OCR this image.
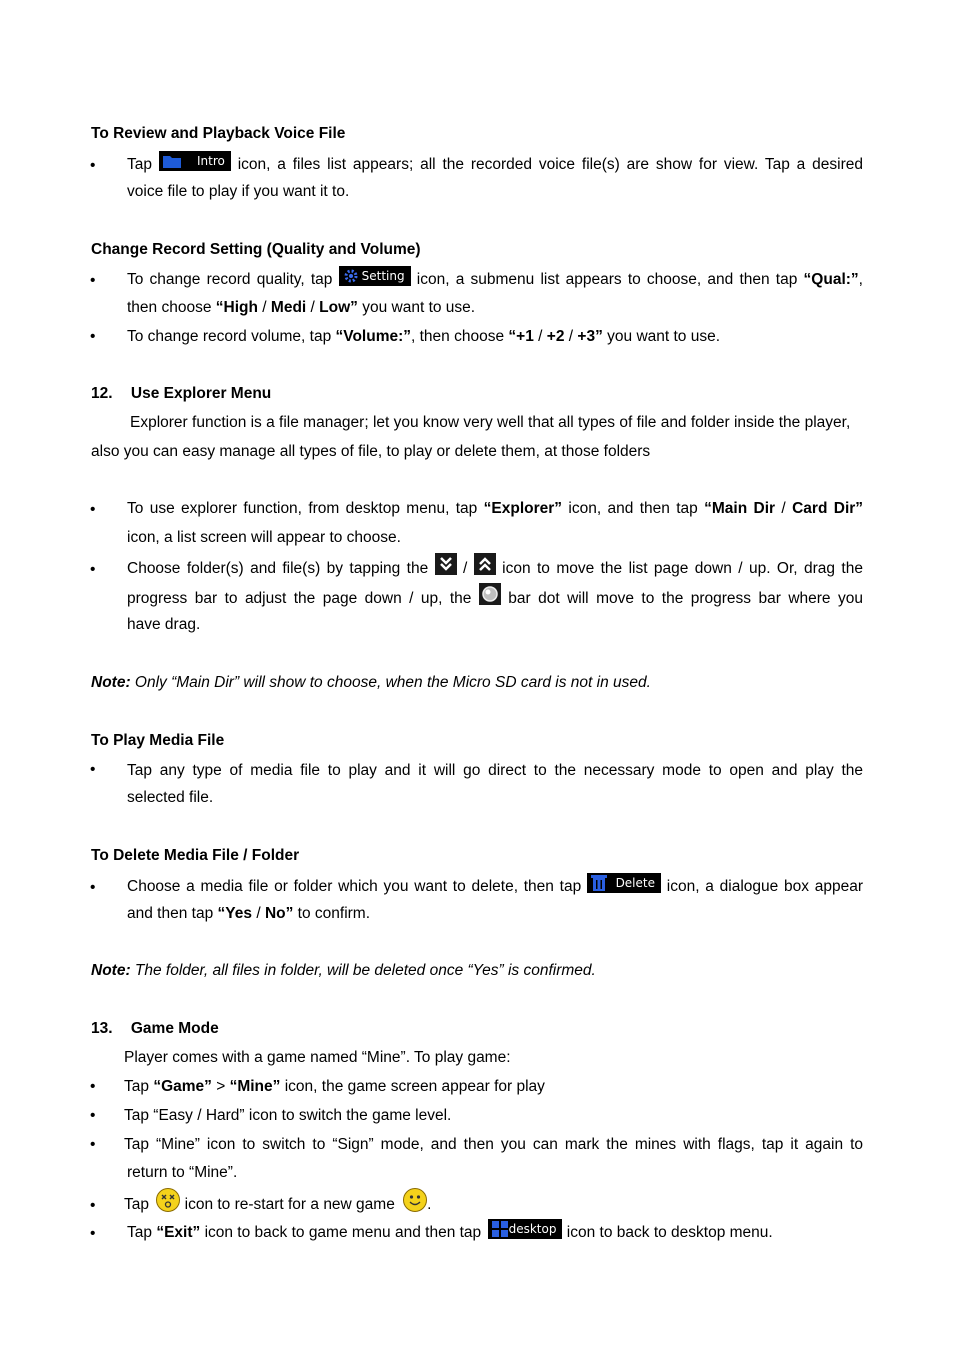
To Review and Playback Voice File
• Tap	Intro icon, a files list appears; all the recorded voice file(s) are show for view. Tap a desired
voice file to play if you want it to.
Change Record Setting (Quality and Volume)
• To change record quality, tap Setting icon, a submenu list appears to choose, and then tap “Qual:”,
then choose “High / Medi / Low” you want to use.
• To change record volume, tap “Volume:”, then choose “+1 / +2 / +3” you want to use.
12. Use Explorer Menu
Explorer function is a file manager; let you know very well that all types of file and folder inside the player,
also you can easy manage all types of file, to play or delete them, at those folders
• To use explorer function, from desktop menu, tap “Explorer” icon, and then tap “Main Dir / Card Dir”
icon, a list screen will appear to choose.
• Choose folder(s) and file(s) by tapping the / icon to move the list page down / up. Or, drag the
progress bar to adjust the page down / up, the bar dot will move to the progress bar where you
have drag.
Note: Only “Main Dir” will show to choose, when the Micro SD card is not in used.
To Play Media File
• Tap any type of media file to play and it will go direct to the necessary mode to open and play the
selected file.
To Delete Media File / Folder
• Choose a media file or folder which you want to delete, then tap	Delete icon, a dialogue box appear
and then tap “Yes / No” to confirm.
Note: The folder, all files in folder, will be deleted once “Yes” is confirmed.
13. Game Mode
Player comes with a game named “Mine”. To play game:
• Tap “Game” > “Mine” icon, the game screen appear for play
• Tap “Easy / Hard” icon to switch the game level.
• Tap “Mine” icon to switch to “Sign” mode, and then you can mark the mines with flags, tap it again to
return to “Mine”.
• Tap icon to re-start for a new game .
• Tap “Exit” icon to back to game menu and then tap desktop icon to back to desktop menu.
